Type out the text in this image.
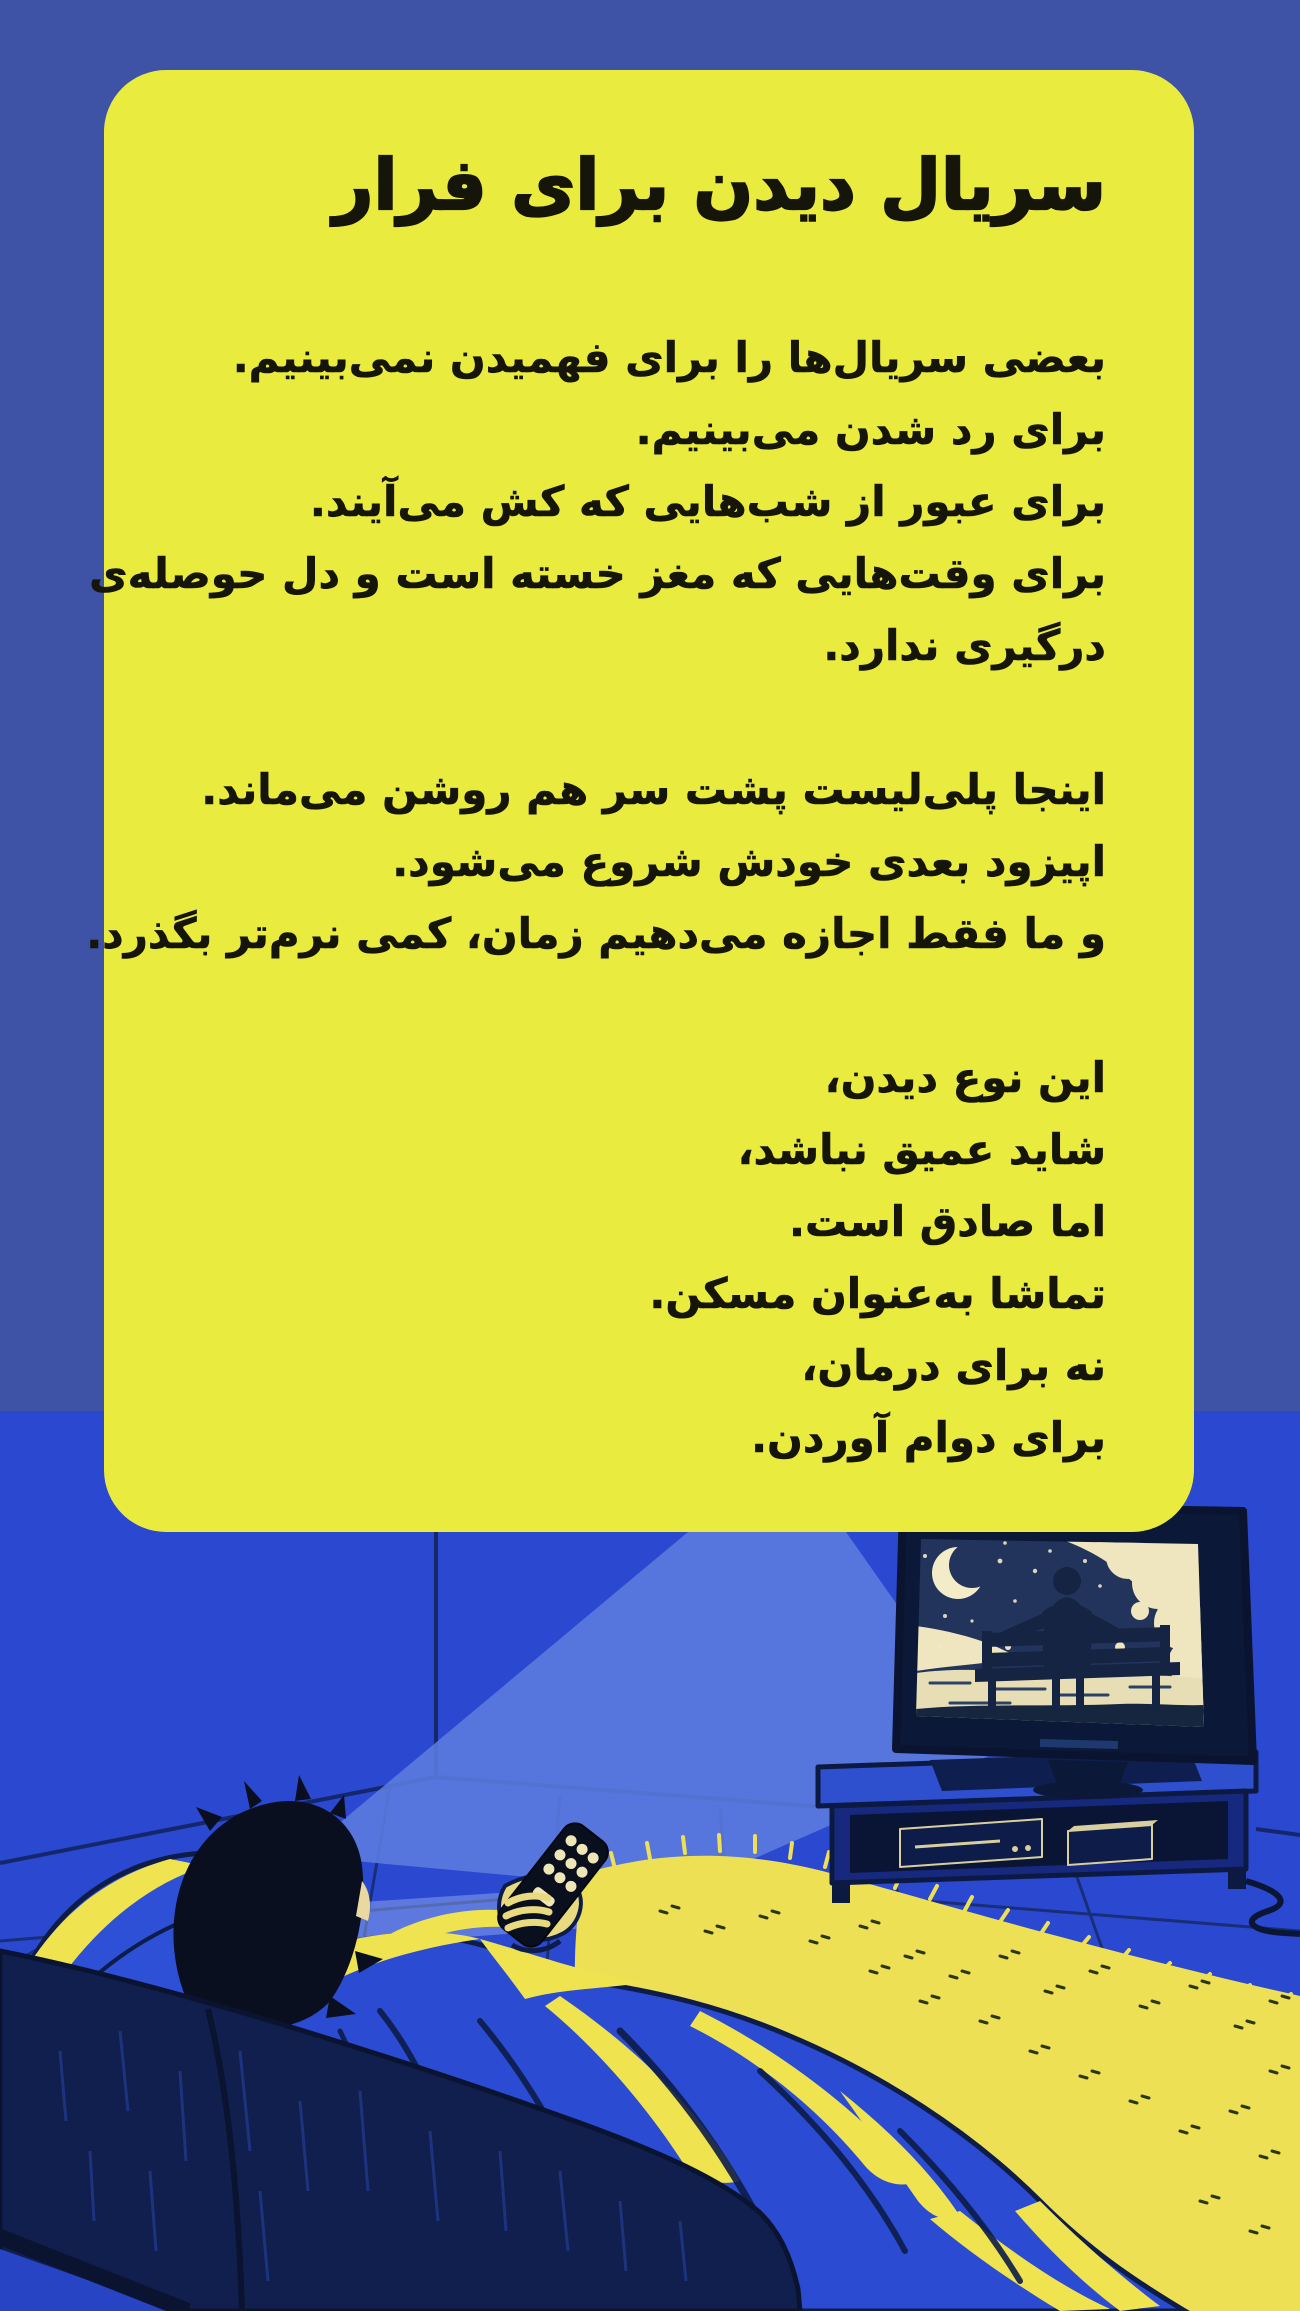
سریال دیدن برای فرار
بعضی سریال‌ها را برای فهمیدن نمی‌بینیم.
برای رد شدن می‌بینیم.
برای عبور از شب‌هایی که کش می‌آیند.
برای وقت‌هایی که مغز خسته است و دل حوصله‌ی
درگیری ندارد.
اینجا پلی‌لیست پشت سر هم روشن می‌ماند.
اپیزود بعدی خودش شروع می‌شود.
و ما فقط اجازه می‌دهیم زمان، کمی نرم‌تر بگذرد.
این نوع دیدن،
شاید عمیق نباشد،
اما صادق است.
تماشا به‌عنوان مسکن.
نه برای درمان،
برای دوام آوردن.
